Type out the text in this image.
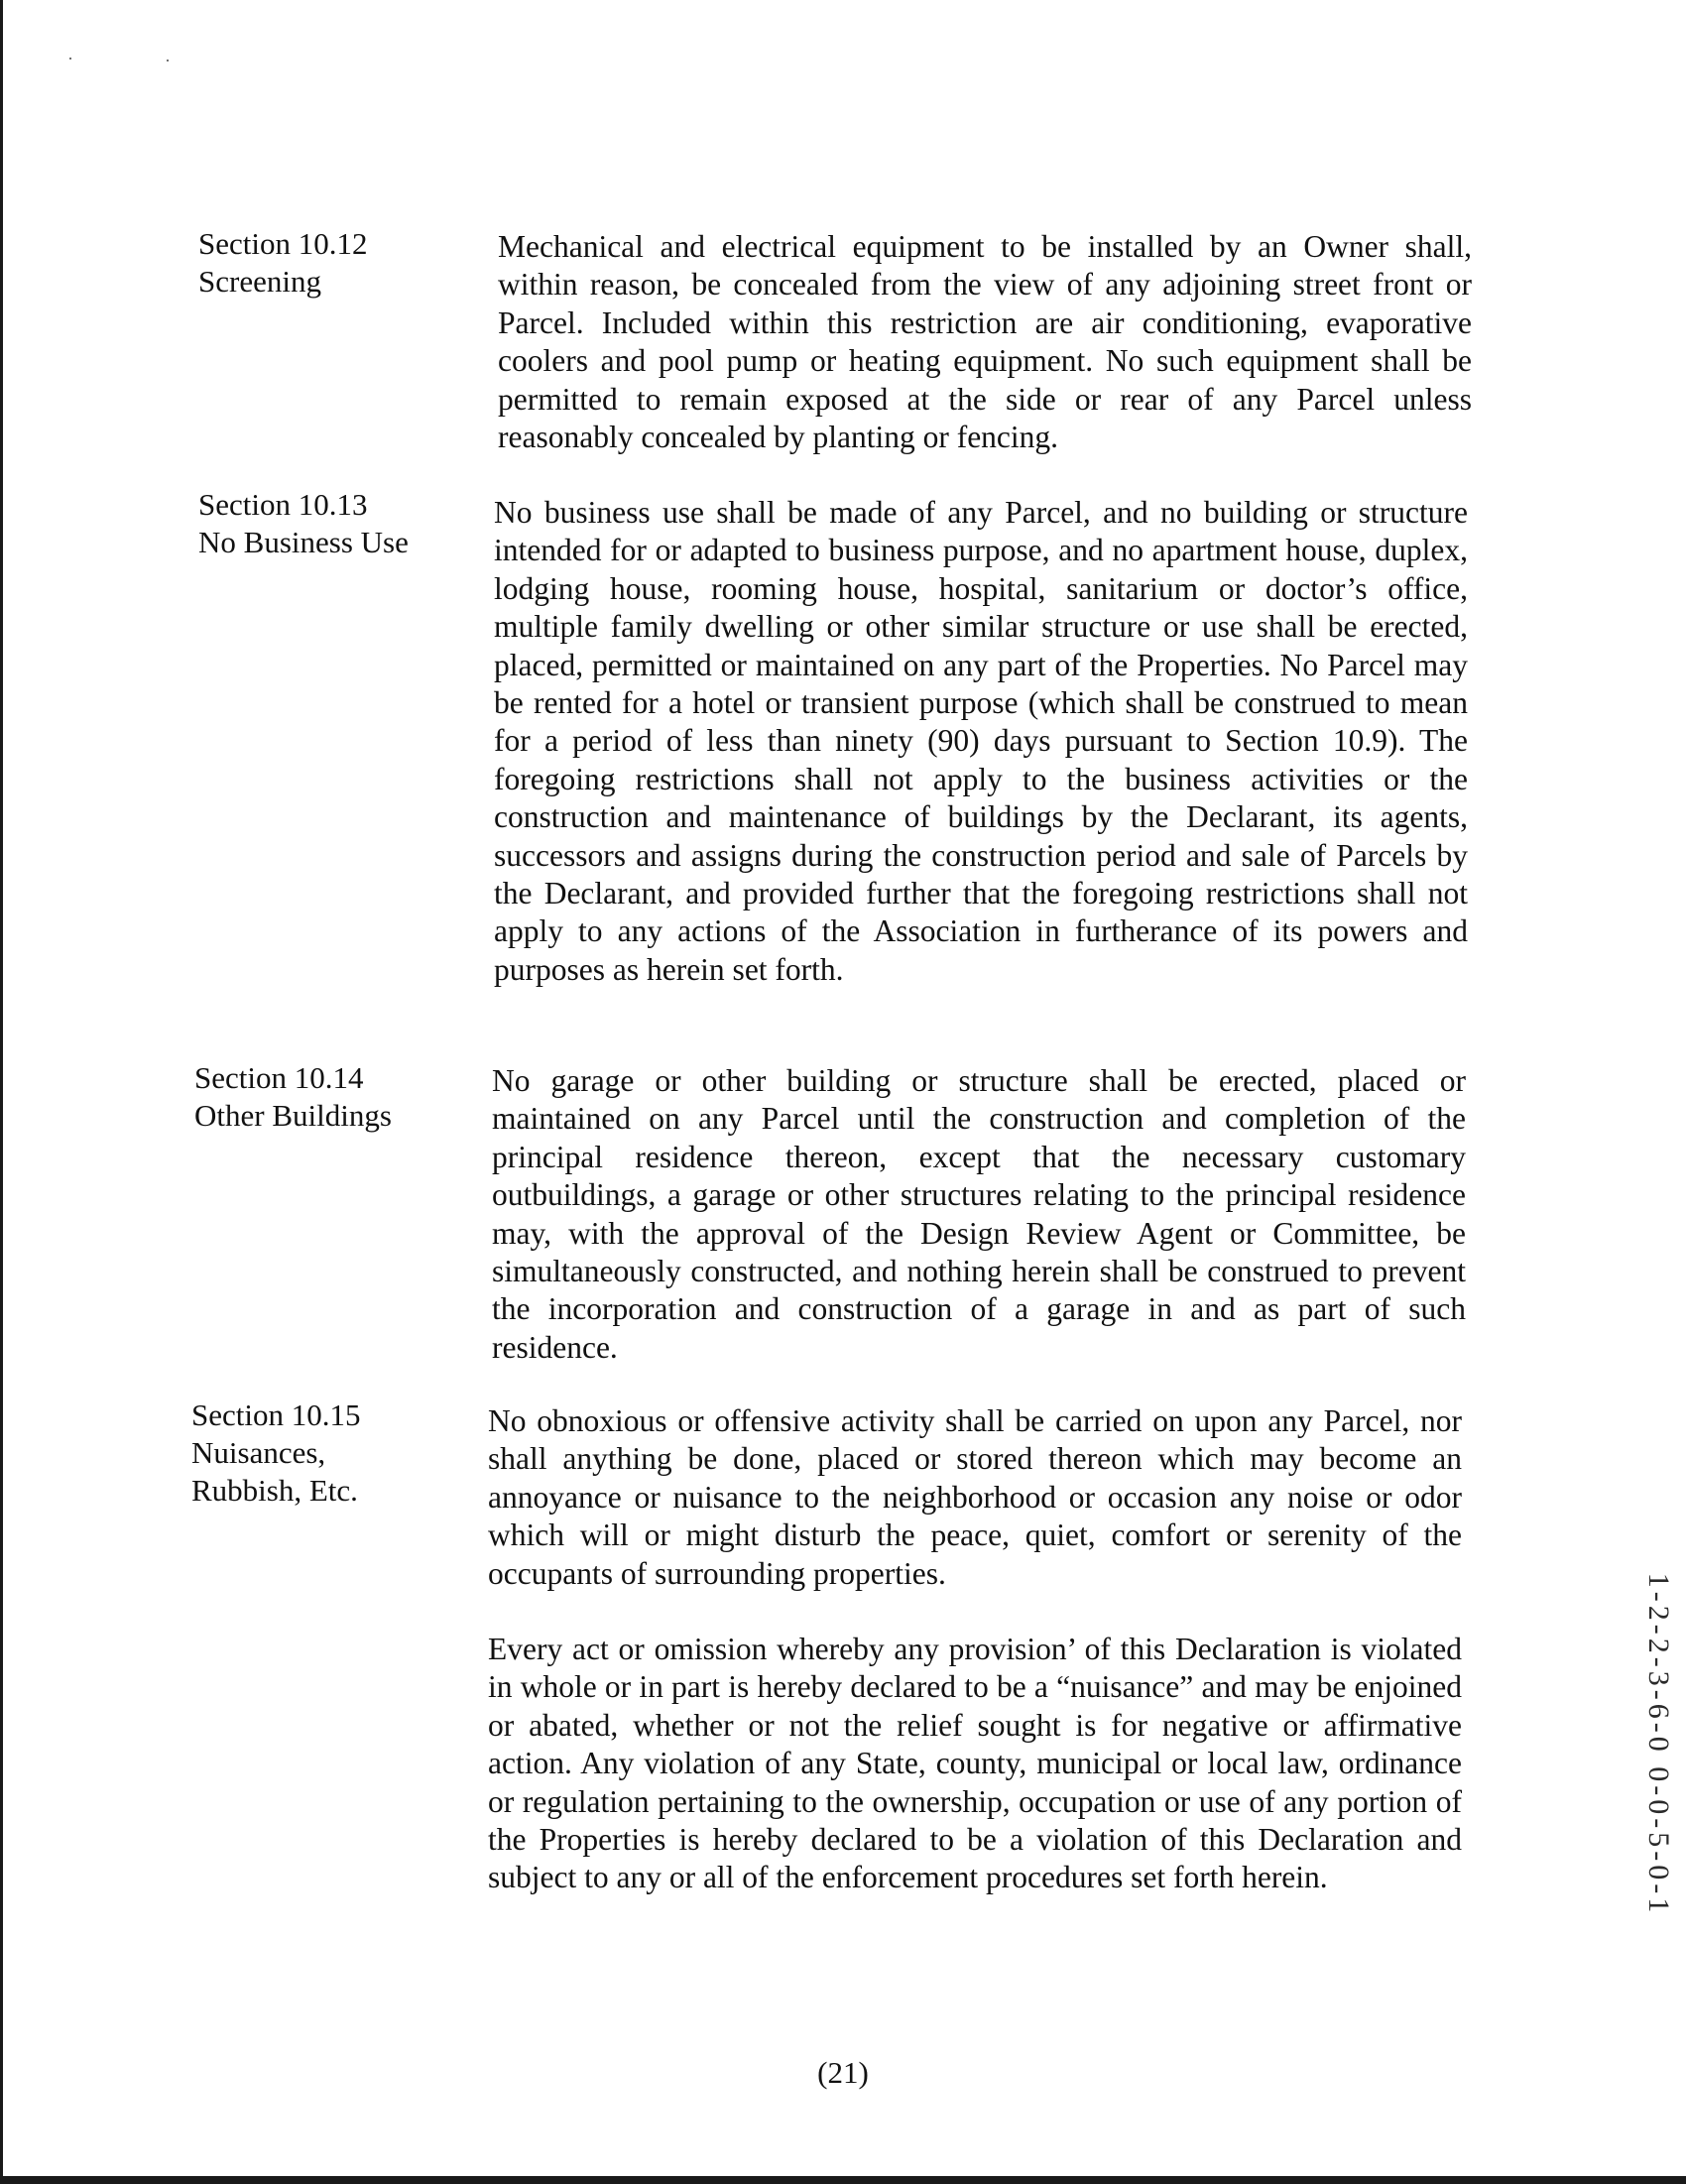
Section 10.12
Screening

Mechanical and electrical equipment to be installed by an Owner shall, within reason, be concealed from the view of any adjoining street front or Parcel. Included within this restriction are air conditioning, evaporative coolers and pool pump or heating equipment. No such equipment shall be permitted to remain exposed at the side or rear of any Parcel unless reasonably concealed by planting or fencing.

Section 10.13
No Business Use

No business use shall be made of any Parcel, and no building or structure intended for or adapted to business purpose, and no apartment house, duplex, lodging house, rooming house, hospital, sanitarium or doctor’s office, multiple family dwelling or other similar structure or use shall be erected, placed, permitted or maintained on any part of the Properties. No Parcel may be rented for a hotel or transient purpose (which shall be construed to mean for a period of less than ninety (90) days pursuant to Section 10.9). The foregoing restrictions shall not apply to the business activities or the construction and maintenance of buildings by the Declarant, its agents, successors and assigns during the construction period and sale of Parcels by the Declarant, and provided further that the foregoing restrictions shall not apply to any actions of the Association in furtherance of its powers and purposes as herein set forth.

Section 10.14
Other Buildings

No garage or other building or structure shall be erected, placed or maintained on any Parcel until the construction and completion of the principal residence thereon, except that the necessary customary outbuildings, a garage or other structures relating to the principal residence may, with the approval of the Design Review Agent or Committee, be simultaneously constructed, and nothing herein shall be construed to prevent the incorporation and construction of a garage in and as part of such residence.

Section 10.15
Nuisances,
Rubbish, Etc.

No obnoxious or offensive activity shall be carried on upon any Parcel, nor shall anything be done, placed or stored thereon which may become an annoyance or nuisance to the neighborhood or occasion any noise or odor which will or might disturb the peace, quiet, comfort or serenity of the occupants of surrounding properties.

Every act or omission whereby any provision’ of this Declaration is violated in whole or in part is hereby declared to be a “nuisance” and may be enjoined or abated, whether or not the relief sought is for negative or affirmative action. Any violation of any State, county, municipal or local law, ordinance or regulation pertaining to the ownership, occupation or use of any portion of the Properties is hereby declared to be a violation of this Declaration and subject to any or all of the enforcement procedures set forth herein.

(21)
1-2-2-3-6-0 0-0-5-0-1
